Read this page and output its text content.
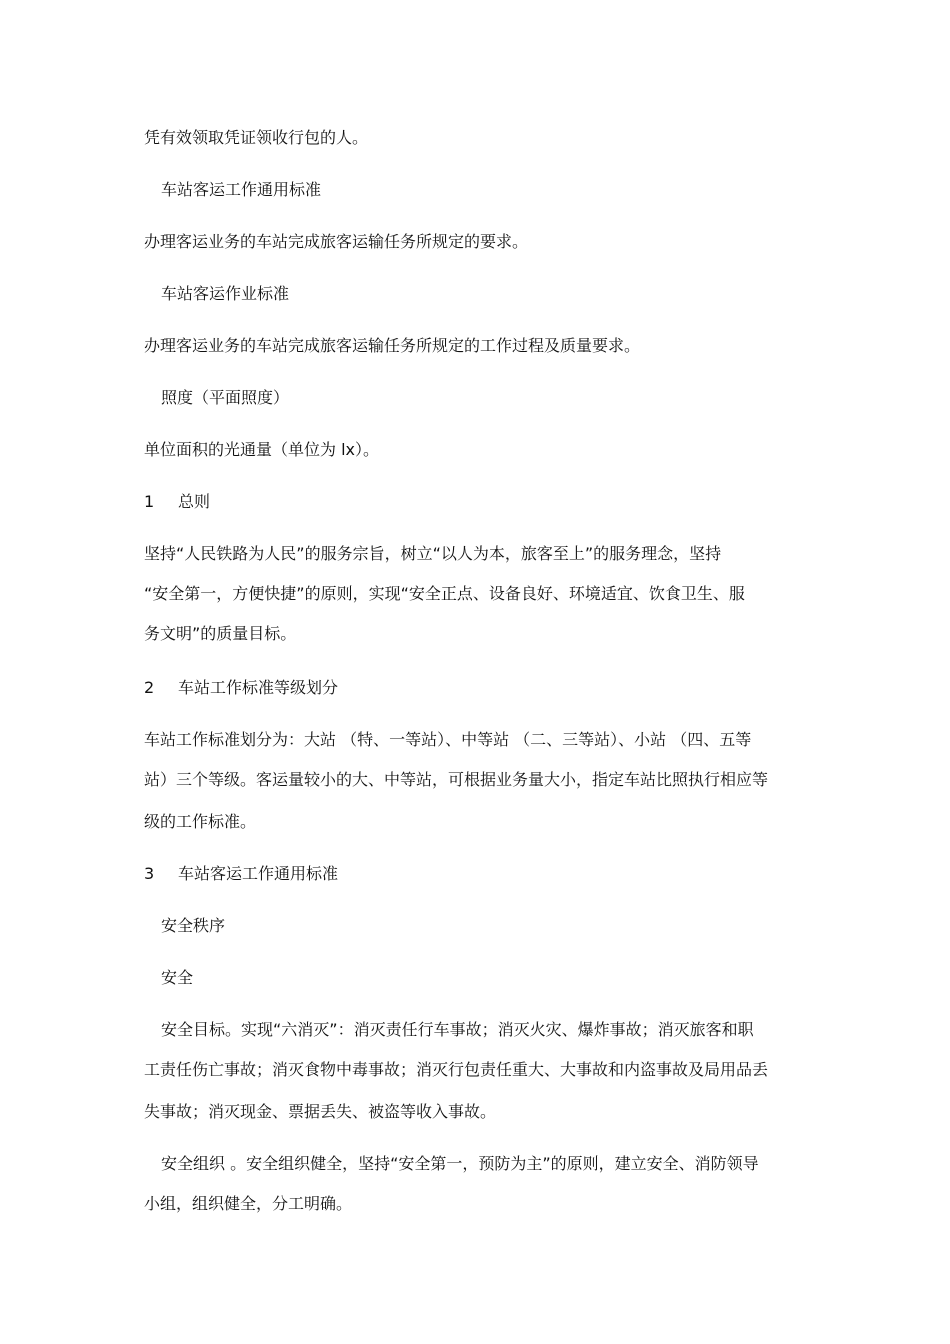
凭有效领取凭证领收行包的人。
车站客运工作通用标准
办理客运业务的车站完成旅客运输任务所规定的要求。
车站客运作业标准
办理客运业务的车站完成旅客运输任务所规定的工作过程及质量要求。
照度（平面照度）
单位面积的光通量（单位为 lx）。
1 总则
坚持“人民铁路为人民”的服务宗旨，树立“以人为本，旅客至上”的服务理念，坚持
“安全第一，方便快捷”的原则，实现“安全正点、设备良好、环境适宜、饮食卫生、服
务文明”的质量目标。
2 车站工作标准等级划分
车站工作标准划分为：大站 （特、一等站）、中等站 （二、三等站）、小站 （四、五等
站）三个等级。客运量较小的大、中等站，可根据业务量大小，指定车站比照执行相应等
级的工作标准。
3 车站客运工作通用标准
安全秩序
安全
安全目标。实现“六消灭”：消灭责任行车事故；消灭火灾、爆炸事故；消灭旅客和职
工责任伤亡事故；消灭食物中毒事故；消灭行包责任重大、大事故和内盗事故及局用品丢
失事故；消灭现金、票据丢失、被盗等收入事故。
安全组织 。安全组织健全，坚持“安全第一，预防为主”的原则，建立安全、消防领导
小组，组织健全，分工明确。
